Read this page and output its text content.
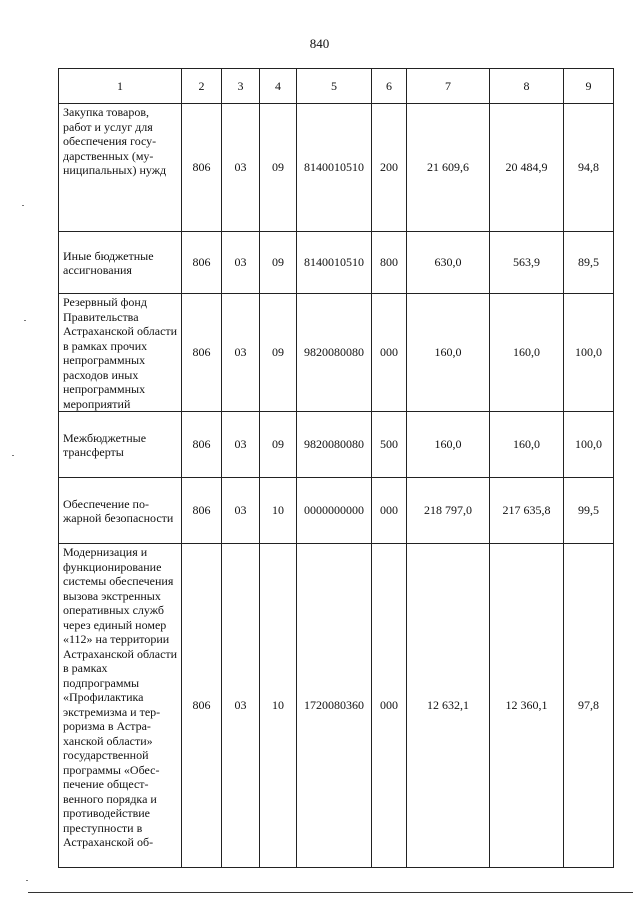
840
1	2	3	4	5	6	7	8	9
Закупка товаров, работ и услуг для обеспечения государственных (муниципальных) нужд	806	03	09	8140010510	200	21 609,6	20 484,9	94,8
Иные бюджетные ассигнования	806	03	09	8140010510	800	630,0	563,9	89,5
Резервный фонд Правительства Астраханской области в рамках прочих непрограммных расходов иных непрограммных мероприятий	806	03	09	9820080080	000	160,0	160,0	100,0
Межбюджетные трансферты	806	03	09	9820080080	500	160,0	160,0	100,0
Обеспечение пожарной безопасности	806	03	10	0000000000	000	218 797,0	217 635,8	99,5
Модернизация и функционирование системы обеспечения вызова экстренных оперативных служб через единый номер «112» на территории Астраханской области в рамках подпрограммы «Профилактика экстремизма и терроризма в Астраханской области» государственной программы «Обеспечение общественного порядка и противодействие преступности в Астраханской об-	806	03	10	1720080360	000	12 632,1	12 360,1	97,8
